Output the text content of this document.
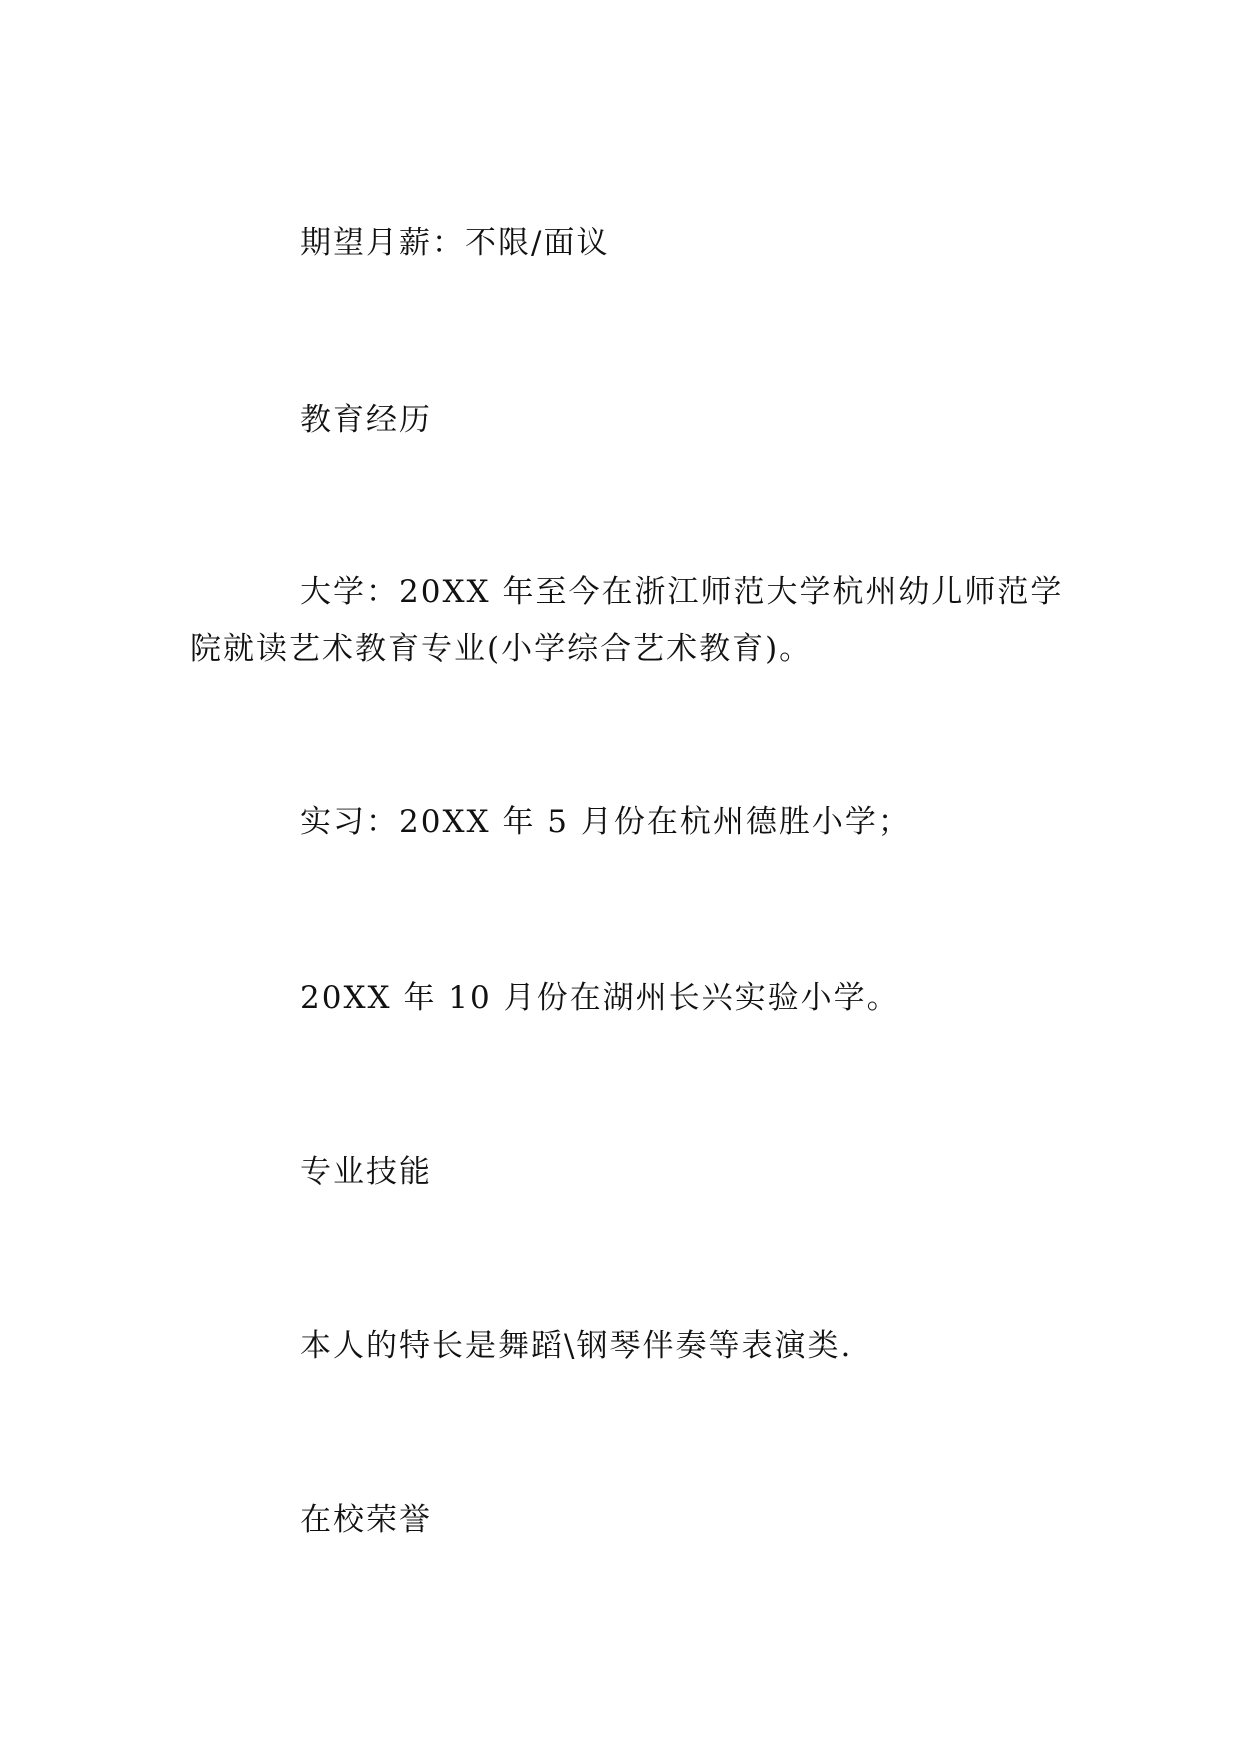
期望月薪：不限/面议
教育经历
大学：20XX 年至今在浙江师范大学杭州幼儿师范学
院就读艺术教育专业(小学综合艺术教育)。
实习：20XX 年 5 月份在杭州德胜小学；
20XX 年 10 月份在湖州长兴实验小学。
专业技能
本人的特长是舞蹈\钢琴伴奏等表演类.
在校荣誉
